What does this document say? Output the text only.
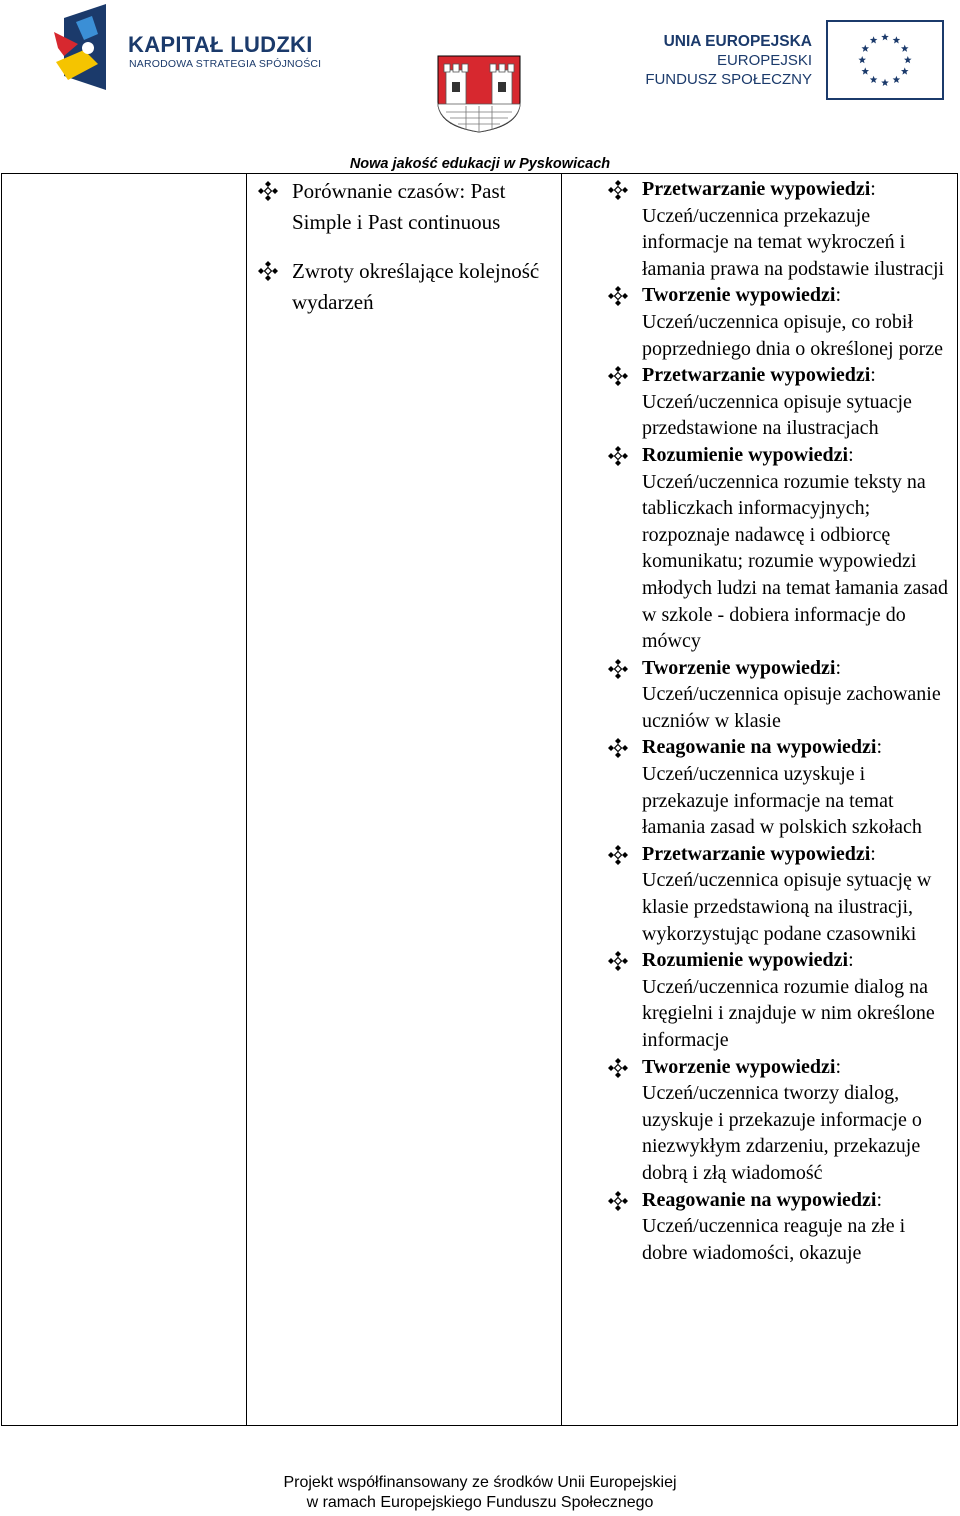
KAPITAŁ LUDZKI
NARODOWA STRATEGIA SPÓJNOŚCI
UNIA EUROPEJSKA
EUROPEJSKI
FUNDUSZ SPOŁECZNY
Nowa jakość edukacji w Pyskowicach
Porównanie czasów: Past Simple i Past continuous
Zwroty określające kolejność wydarzeń
Przetwarzanie wypowiedzi: Uczeń/uczennica przekazuje informacje na temat wykroczeń i łamania prawa na podstawie ilustracji
Tworzenie wypowiedzi: Uczeń/uczennica opisuje, co robił poprzedniego dnia o określonej porze
Przetwarzanie wypowiedzi: Uczeń/uczennica opisuje sytuacje przedstawione na ilustracjach
Rozumienie wypowiedzi: Uczeń/uczennica rozumie teksty na tabliczkach informacyjnych; rozpoznaje nadawcę i odbiorcę komunikatu; rozumie wypowiedzi młodych ludzi na temat łamania zasad w szkole - dobiera informacje do mówcy
Tworzenie wypowiedzi: Uczeń/uczennica opisuje zachowanie uczniów w klasie
Reagowanie na wypowiedzi: Uczeń/uczennica uzyskuje i przekazuje informacje na temat łamania zasad w polskich szkołach
Przetwarzanie wypowiedzi: Uczeń/uczennica opisuje sytuację w klasie przedstawioną na ilustracji, wykorzystując podane czasowniki
Rozumienie wypowiedzi: Uczeń/uczennica rozumie dialog na kręgielni i znajduje w nim określone informacje
Tworzenie wypowiedzi: Uczeń/uczennica tworzy dialog, uzyskuje i przekazuje informacje o niezwykłym zdarzeniu, przekazuje dobrą i złą wiadomość
Reagowanie na wypowiedzi: Uczeń/uczennica reaguje na złe i dobre wiadomości, okazuje
Projekt współfinansowany ze środków Unii Europejskiej
w ramach Europejskiego Funduszu Społecznego
